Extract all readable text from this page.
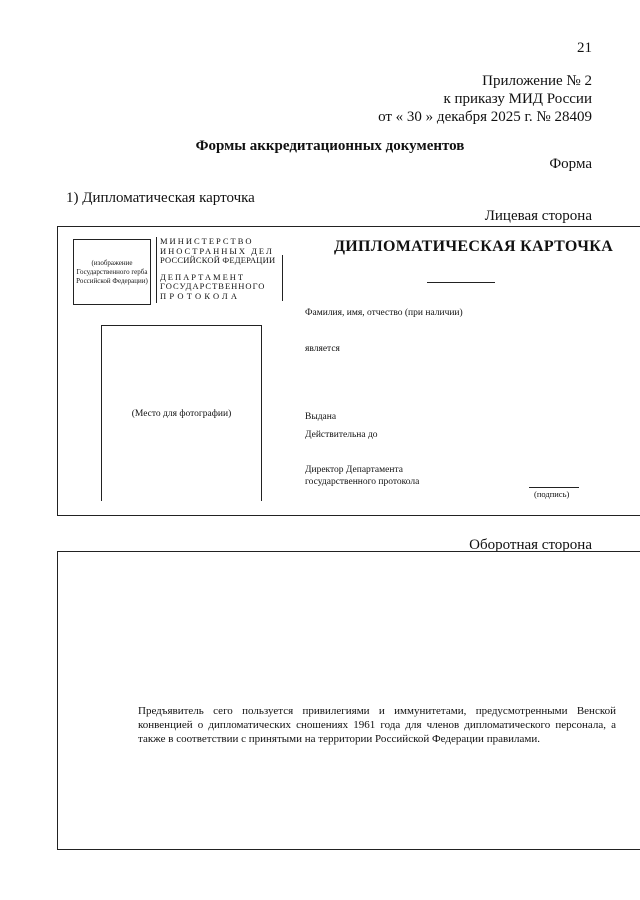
21
Приложение № 2
к приказу МИД России
от « 30 » декабря 2025 г. № 28409
Формы аккредитационных документов
Форма
1) Дипломатическая карточка
Лицевая сторона
(изображение Государственного герба Российской Федерации)
МИНИСТЕРСТВО
ИНОСТРАННЫХ ДЕЛ
РОССИЙСКОЙ ФЕДЕРАЦИИ
ДЕПАРТАМЕНТ
ГОСУДАРСТВЕННОГО
ПРОТОКОЛА
ДИПЛОМАТИЧЕСКАЯ КАРТОЧКА
(Место для фотографии)
Фамилия, имя, отчество (при наличии)
является
Выдана
Действительна до
Директор Департамента
государственного протокола
(подпись)
Оборотная сторона
Предъявитель сего пользуется привилегиями и иммунитетами, предусмотренными Венской конвенцией о дипломатических сношениях 1961 года для членов дипломатического персонала, а также в соответствии с принятыми на территории Российской Федерации правилами.
